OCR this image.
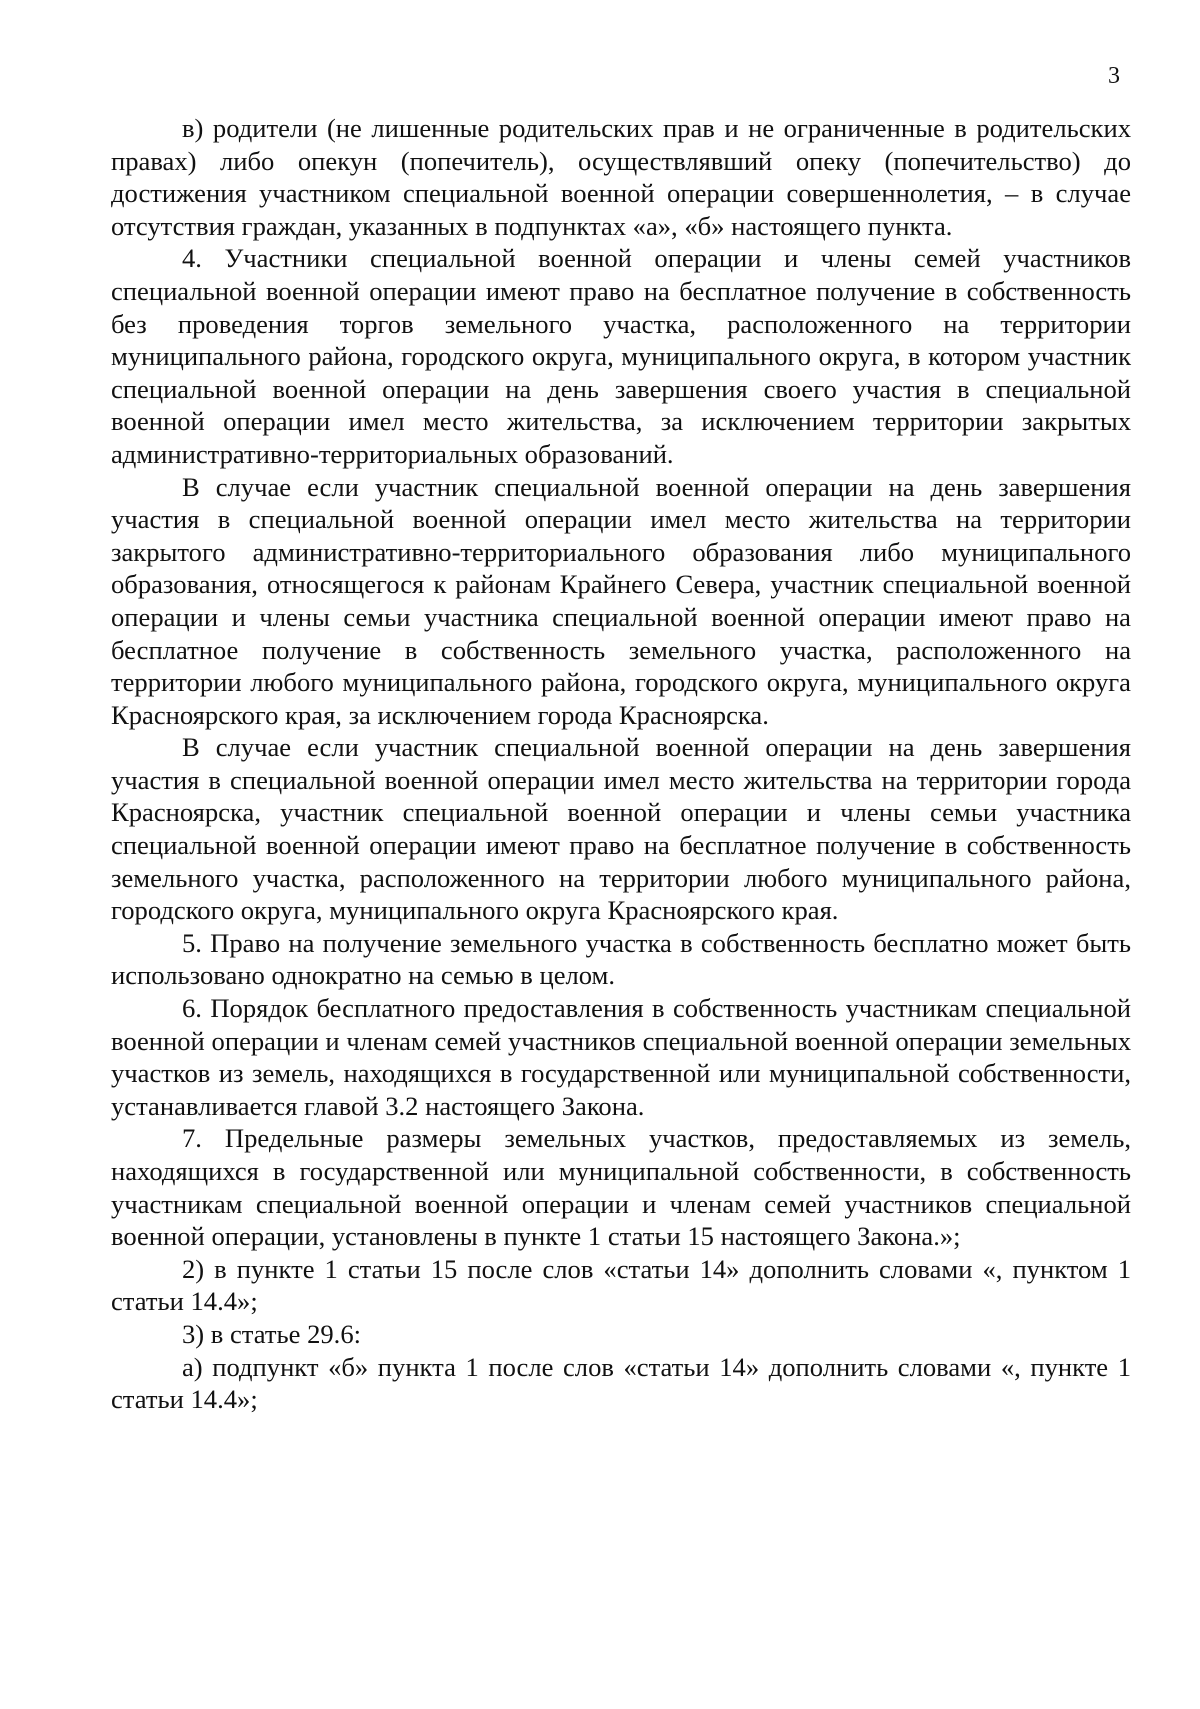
3

в) родители (не лишенные родительских прав и не ограниченные в родительских правах) либо опекун (попечитель), осуществлявший опеку (попечительство) до достижения участником специальной военной операции совершеннолетия, – в случае отсутствия граждан, указанных в подпунктах «а», «б» настоящего пункта.

4. Участники специальной военной операции и члены семей участников специальной военной операции имеют право на бесплатное получение в собственность без проведения торгов земельного участка, расположенного на территории муниципального района, городского округа, муниципального округа, в котором участник специальной военной операции на день завершения своего участия в специальной военной операции имел место жительства, за исключением территории закрытых административно-территориальных образований.

В случае если участник специальной военной операции на день завершения участия в специальной военной операции имел место жительства на территории закрытого административно-территориального образования либо муниципального образования, относящегося к районам Крайнего Севера, участник специальной военной операции и члены семьи участника специальной военной операции имеют право на бесплатное получение в собственность земельного участка, расположенного на территории любого муниципального района, городского округа, муниципального округа Красноярского края, за исключением города Красноярска.

В случае если участник специальной военной операции на день завершения участия в специальной военной операции имел место жительства на территории города Красноярска, участник специальной военной операции и члены семьи участника специальной военной операции имеют право на бесплатное получение в собственность земельного участка, расположенного на территории любого муниципального района, городского округа, муниципального округа Красноярского края.

5. Право на получение земельного участка в собственность бесплатно может быть использовано однократно на семью в целом.

6. Порядок бесплатного предоставления в собственность участникам специальной военной операции и членам семей участников специальной военной операции земельных участков из земель, находящихся в государственной или муниципальной собственности, устанавливается главой 3.2 настоящего Закона.

7. Предельные размеры земельных участков, предоставляемых из земель, находящихся в государственной или муниципальной собственности, в собственность участникам специальной военной операции и членам семей участников специальной военной операции, установлены в пункте 1 статьи 15 настоящего Закона.»;

2) в пункте 1 статьи 15 после слов «статьи 14» дополнить словами «, пунктом 1 статьи 14.4»;

3) в статье 29.6:

а) подпункт «б» пункта 1 после слов «статьи 14» дополнить словами «, пункте 1 статьи 14.4»;
